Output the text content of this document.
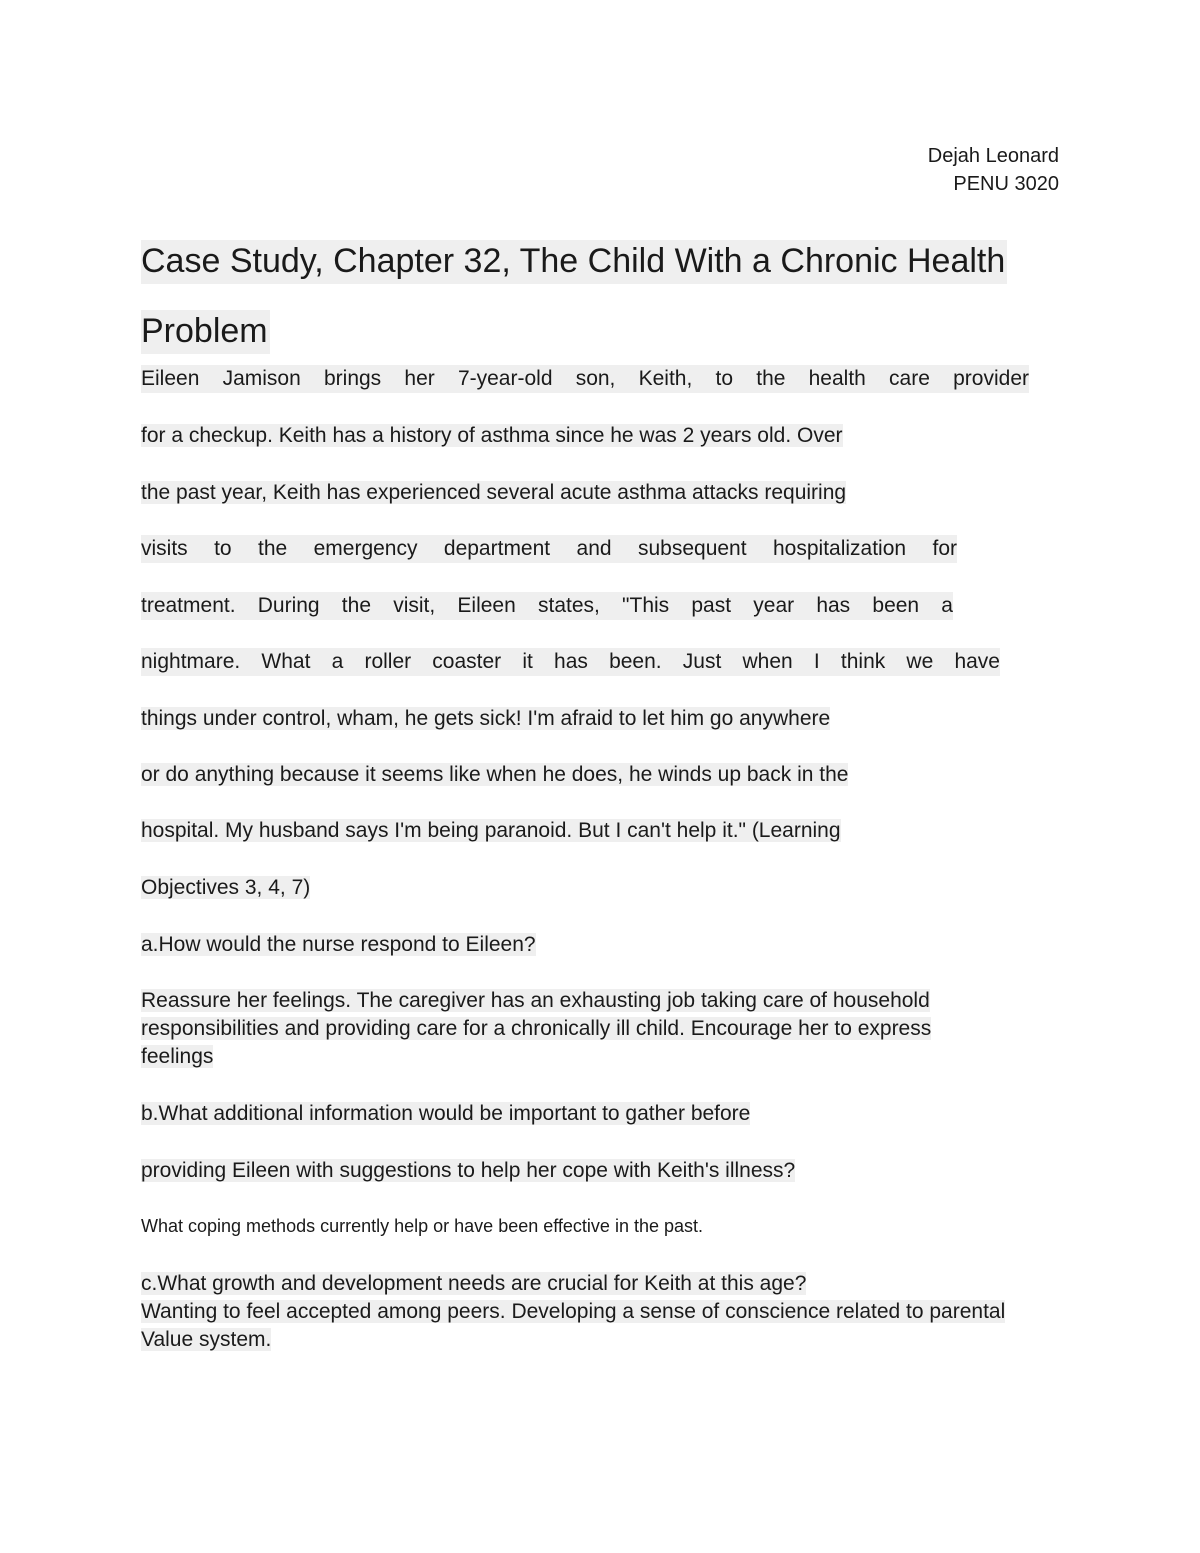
Dejah Leonard
PENU 3020
Case Study, Chapter 32, The Child With a Chronic Health
Problem
Eileen Jamison brings her 7-year-old son, Keith, to the health care provider
for a checkup. Keith has a history of asthma since he was 2 years old. Over
the past year, Keith has experienced several acute asthma attacks requiring
visits to the emergency department and subsequent hospitalization for
treatment. During the visit, Eileen states, "This past year has been a
nightmare. What a roller coaster it has been. Just when I think we have
things under control, wham, he gets sick! I'm afraid to let him go anywhere
or do anything because it seems like when he does, he winds up back in the
hospital. My husband says I'm being paranoid. But I can't help it." (Learning
Objectives 3, 4, 7)
a.How would the nurse respond to Eileen?
Reassure her feelings. The caregiver has an exhausting job taking care of household
responsibilities and providing care for a chronically ill child. Encourage her to express
feelings
b.What additional information would be important to gather before
providing Eileen with suggestions to help her cope with Keith's illness?
What coping methods currently help or have been effective in the past.
c.What growth and development needs are crucial for Keith at this age?
Wanting to feel accepted among peers. Developing a sense of conscience related to parental
Value system.
